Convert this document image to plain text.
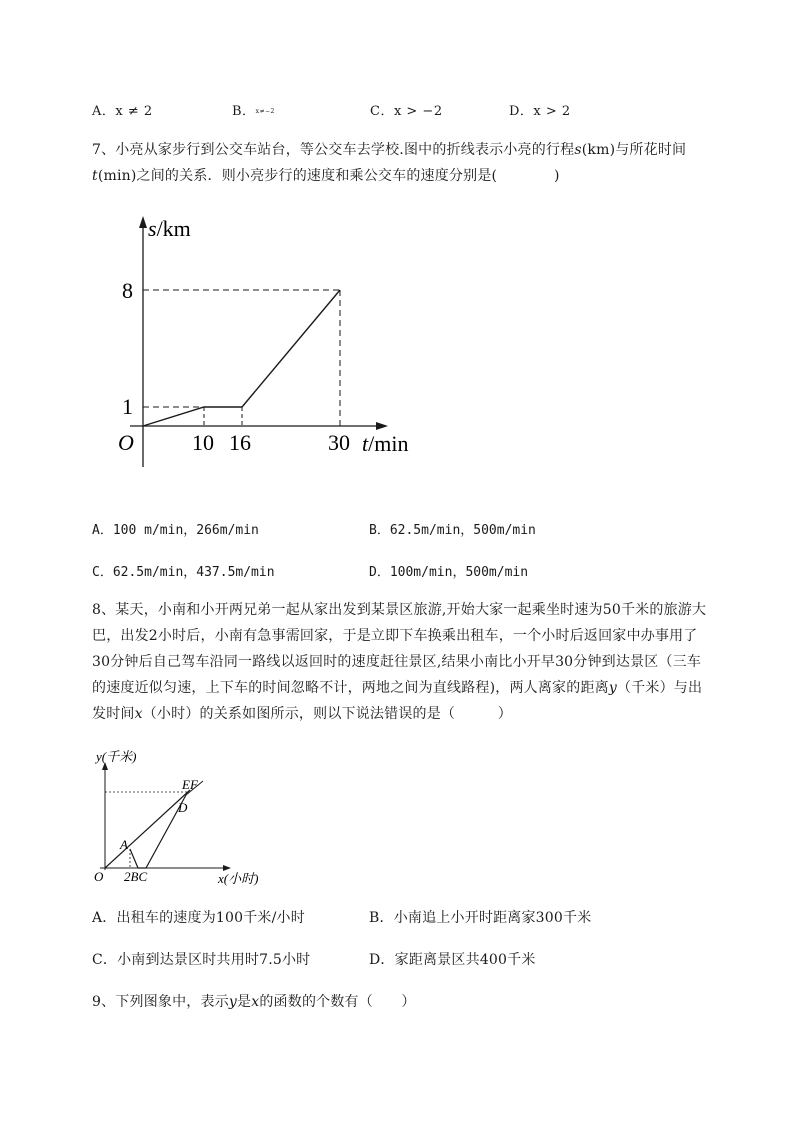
A．x ≠ 2	B．x≠−2	C．x > −2	D．x > 2
7、小亮从家步行到公交车站台，等公交车去学校.图中的折线表示小亮的行程s(km)与所花时间
t(min)之间的关系．则小亮步行的速度和乘公交车的速度分别是(　　　　)
s/km
t/min
O
8
1
10 16	30
A．100 m/min，266m/min	B．62.5m/min，500m/min
C．62.5m/min，437.5m/min	D．100m/min，500m/min
8、某天，小南和小开两兄弟一起从家出发到某景区旅游,开始大家一起乘坐时速为50千米的旅游大
巴，出发2小时后，小南有急事需回家，于是立即下车换乘出租车，一个小时后返回家中办事用了
30分钟后自己驾车沿同一路线以返回时的速度赶往景区,结果小南比小开早30分钟到达景区（三车
的速度近似匀速，上下车的时间忽略不计，两地之间为直线路程)，两人离家的距离y（千米）与出
发时间x（小时）的关系如图所示，则以下说法错误的是（　　　）
y(千米)
x(小时)
O
A
D
EF
2BC
A．出租车的速度为100千米/小时	B．小南追上小开时距离家300千米
C．小南到达景区时共用时7.5小时	D．家距离景区共400千米
9、下列图象中，表示y是x的函数的个数有（　　）
